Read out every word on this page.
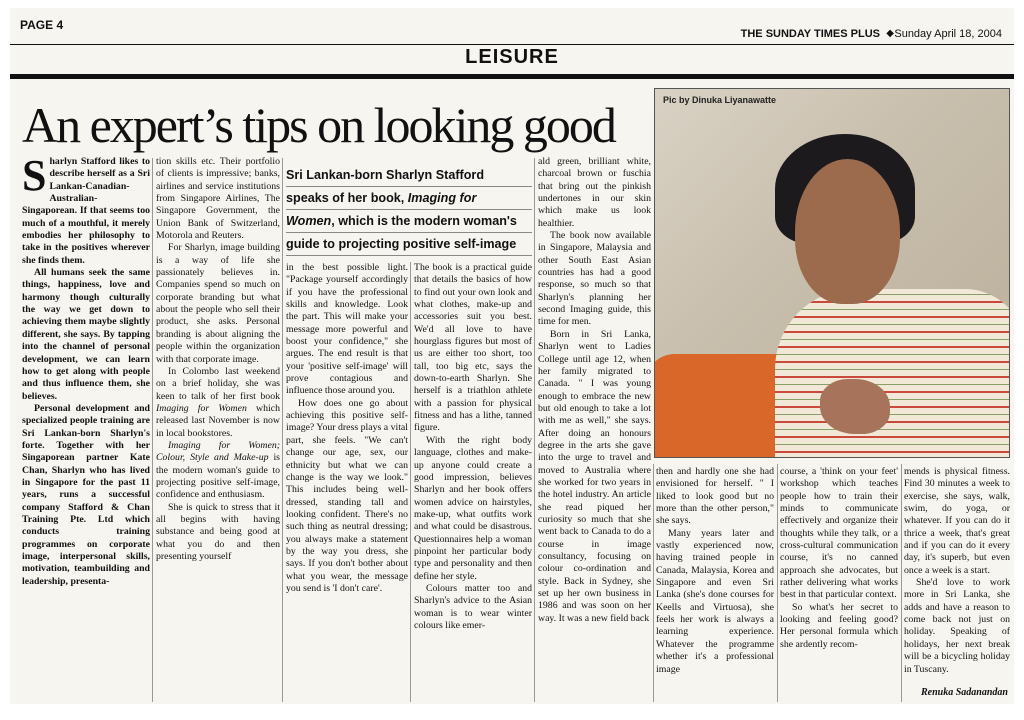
PAGE 4
THE SUNDAY TIMES PLUS ◆ Sunday April 18, 2004
LEISURE
An expert’s tips on looking good	Pic by Dinuka Liyanawatte
Sri Lankan-born Sharlyn Stafford
speaks of her book, Imaging for
Women, which is the modern woman's
guide to projecting positive self-image

Sharlyn Stafford likes to describe herself as a Sri Lankan-Canadian-Australian-Singaporean. If that seems too much of a mouthful, it merely embodies her philosophy to take in the positives wherever she finds them.

All humans seek the same things, happiness, love and harmony though culturally the way we get down to achieving them maybe slightly different, she says. By tapping into the channel of personal development, we can learn how to get along with people and thus influence them, she believes.

Personal development and specialized people training are Sri Lankan-born Sharlyn's forte. Together with her Singaporean partner Kate Chan, Sharlyn who has lived in Singapore for the past 11 years, runs a successful company Stafford & Chan Training Pte. Ltd which conducts training programmes on corporate image, interpersonal skills, motivation, teambuilding and leadership, presenta-

tion skills etc. Their portfolio of clients is impressive; banks, airlines and service institutions from Singapore Airlines, The Singapore Government, the Union Bank of Switzerland, Motorola and Reuters.

For Sharlyn, image building is a way of life she passionately believes in. Companies spend so much on corporate branding but what about the people who sell their product, she asks. Personal branding is about aligning the people within the organization with that corporate image.

In Colombo last weekend on a brief holiday, she was keen to talk of her first book Imaging for Women which released last November is now in local bookstores.

Imaging for Women; Colour, Style and Make-up is the modern woman's guide to projecting positive self-image, confidence and enthusiasm.

She is quick to stress that it all begins with having substance and being good at what you do and then presenting yourself

in the best possible light. "Package yourself accordingly if you have the professional skills and knowledge. Look the part. This will make your message more powerful and boost your confidence," she argues. The end result is that your 'positive self-image' will prove contagious and influence those around you.

How does one go about achieving this positive self-image? Your dress plays a vital part, she feels. "We can't change our age, sex, our ethnicity but what we can change is the way we look." This includes being well-dressed, standing tall and looking confident. There's no such thing as neutral dressing; you always make a statement by the way you dress, she says. If you don't bother about what you wear, the message you send is 'I don't care'.

The book is a practical guide that details the basics of how to find out your own look and what clothes, make-up and accessories suit you best. We'd all love to have hourglass figures but most of us are either too short, too tall, too big etc, says the down-to-earth Sharlyn. She herself is a triathlon athlete with a passion for physical fitness and has a lithe, tanned figure.

With the right body language, clothes and make-up anyone could create a good impression, believes Sharlyn and her book offers women advice on hairstyles, make-up, what outfits work and what could be disastrous. Questionnaires help a woman pinpoint her particular body type and personality and then define her style.

Colours matter too and Sharlyn's advice to the Asian woman is to wear winter colours like emer-

ald green, brilliant white, charcoal brown or fuschia that bring out the pinkish undertones in our skin which make us look healthier.

The book now available in Singapore, Malaysia and other South East Asian countries has had a good response, so much so that Sharlyn's planning her second Imaging guide, this time for men.

Born in Sri Lanka, Sharlyn went to Ladies College until age 12, when her family migrated to Canada. " I was young enough to embrace the new but old enough to take a lot with me as well," she says. After doing an honours degree in the arts she gave into the urge to travel and moved to Australia where she worked for two years in the hotel industry. An article she read piqued her curiosity so much that she went back to Canada to do a course in image consultancy, focusing on colour co-ordination and style. Back in Sydney, she set up her own business in 1986 and was soon on her way. It was a new field back

then and hardly one she had envisioned for herself. " I liked to look good but no more than the other person," she says.

Many years later and vastly experienced now, having trained people in Canada, Malaysia, Korea and Singapore and even Sri Lanka (she's done courses for Keells and Virtuosa), she feels her work is always a learning experience. Whatever the programme whether it's a professional image

course, a 'think on your feet' workshop which teaches people how to train their minds to communicate effectively and organize their thoughts while they talk, or a cross-cultural communication course, it's no canned approach she advocates, but rather delivering what works best in that particular context.

So what's her secret to looking and feeling good? Her personal formula which she ardently recom-

mends is physical fitness. Find 30 minutes a week to exercise, she says, walk, swim, do yoga, or whatever. If you can do it thrice a week, that's great and if you can do it every day, it's superb, but even once a week is a start.

She'd love to work more in Sri Lanka, she adds and have a reason to come back not just on holiday. Speaking of holidays, her next break will be a bicycling holiday in Tuscany.

Renuka Sadanandan
